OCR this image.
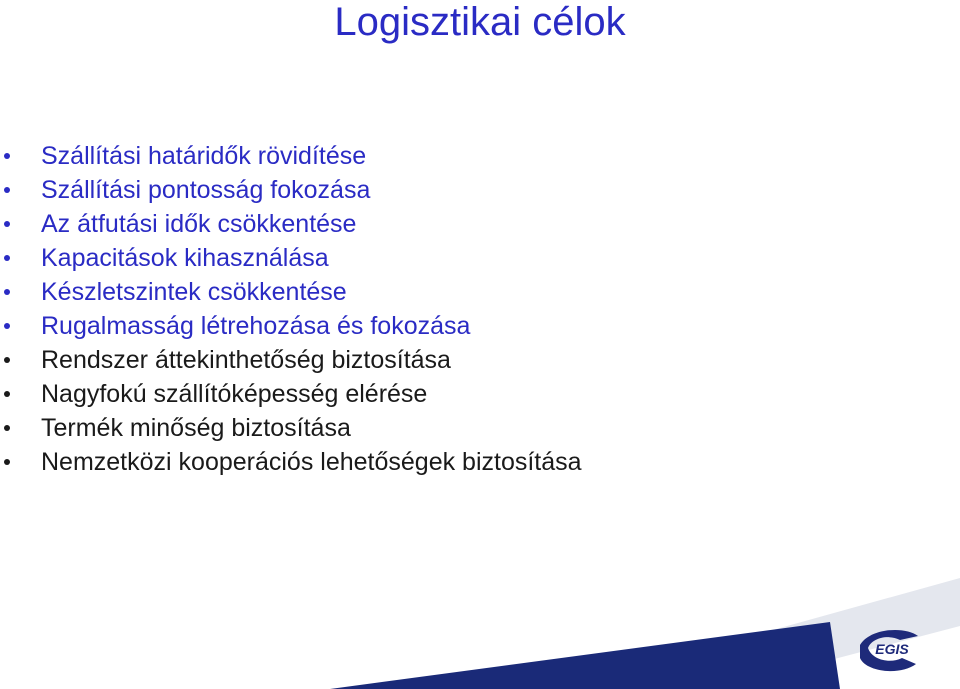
EGIS
Logisztikai célok
Szállítási határidők rövidítése
Szállítási pontosság fokozása
Az átfutási idők csökkentése
Kapacitások kihasználása
Készletszintek csökkentése
Rugalmasság létrehozása és fokozása
Rendszer áttekinthetőség biztosítása
Nagyfokú szállítóképesség elérése
Termék minőség biztosítása
Nemzetközi kooperációs lehetőségek biztosítása
